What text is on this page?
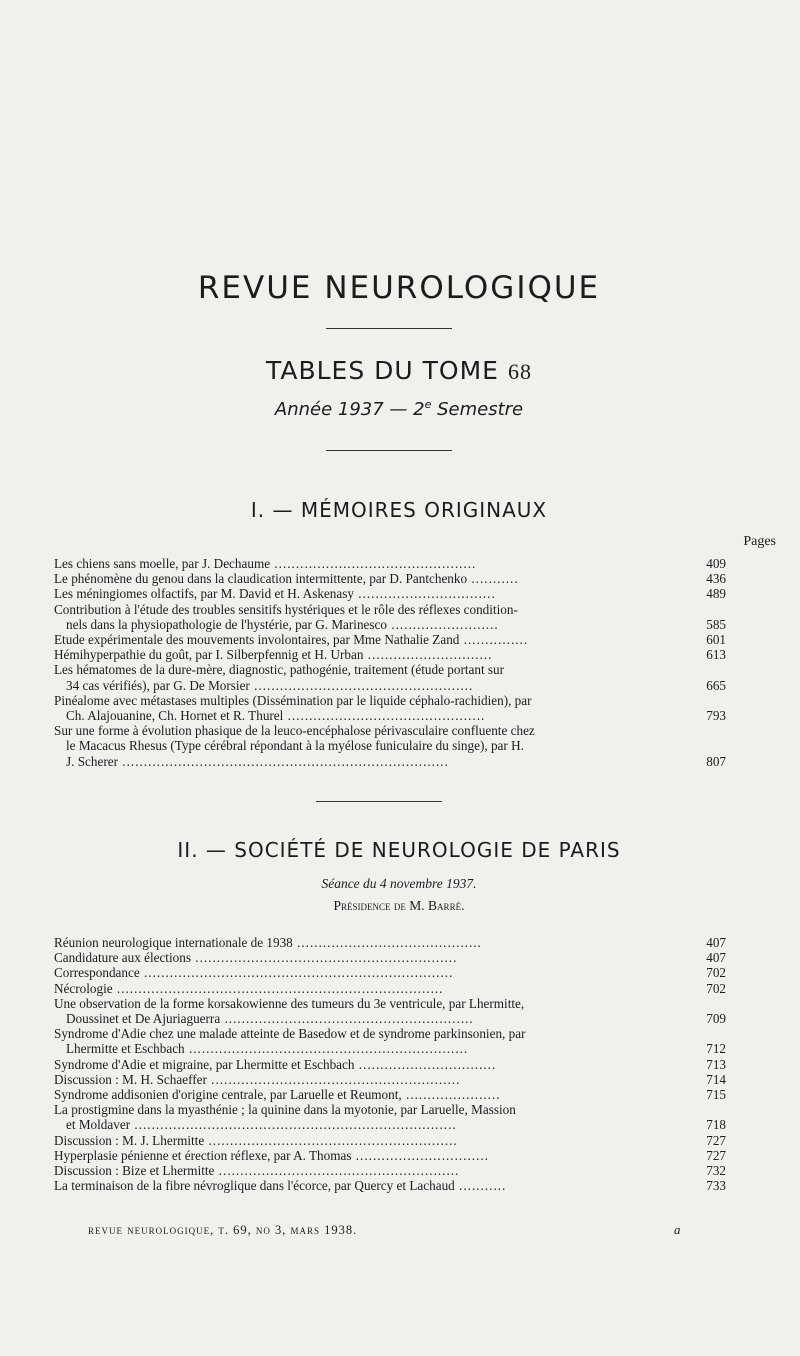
REVUE NEUROLOGIQUE
TABLES DU TOME 68
Année 1937 — 2e Semestre
I. — MÉMOIRES ORIGINAUX
Pages
Les chiens sans moelle, par J. Dechaume ...............................................	409
Le phénomène du genou dans la claudication intermittente, par D. Pantchenko ...........	436
Les méningiomes olfactifs, par M. David et H. Askenasy ................................	489
Contribution à l'étude des troubles sensitifs hystériques et le rôle des réflexes condition-
nels dans la physiopathologie de l'hystérie, par G. Marinesco .........................	585
Etude expérimentale des mouvements involontaires, par Mme Nathalie Zand ...............	601
Hémihyperpathie du goût, par I. Silberpfennig et H. Urban .............................	613
Les hématomes de la dure-mère, diagnostic, pathogénie, traitement (étude portant sur
34 cas vérifiés), par G. De Morsier ...................................................	665
Pinéalome avec métastases multiples (Dissémination par le liquide céphalo-rachidien), par
Ch. Alajouanine, Ch. Hornet et R. Thurel ..............................................	793
Sur une forme à évolution phasique de la leuco-encéphalose périvasculaire confluente chez
le Macacus Rhesus (Type cérébral répondant à la myélose funiculaire du singe), par H.
J. Scherer ............................................................................	807
II. — SOCIÉTÉ DE NEUROLOGIE DE PARIS
Séance du 4 novembre 1937.
Présidence de M. Barré.
Réunion neurologique internationale de 1938 ...........................................	407
Candidature aux élections .............................................................	407
Correspondance ........................................................................	702
Nécrologie ............................................................................	702
Une observation de la forme korsakowienne des tumeurs du 3e ventricule, par Lhermitte,
Doussinet et De Ajuriaguerra ..........................................................	709
Syndrome d'Adie chez une malade atteinte de Basedow et de syndrome parkinsonien, par
Lhermitte et Eschbach .................................................................	712
Syndrome d'Adie et migraine, par Lhermitte et Eschbach ................................	713
Discussion : M. H. Schaeffer ..........................................................	714
Syndrome addisonien d'origine centrale, par Laruelle et Reumont, ......................	715
La prostigmine dans la myasthénie ; la quinine dans la myotonie, par Laruelle, Massion
et Moldaver ...........................................................................	718
Discussion : M. J. Lhermitte ..........................................................	727
Hyperplasie pénienne et érection réflexe, par A. Thomas ...............................	727
Discussion : Bize et Lhermitte ........................................................	732
La terminaison de la fibre névroglique dans l'écorce, par Quercy et Lachaud ...........	733
revue neurologique, t. 69, no 3, mars 1938.	a
